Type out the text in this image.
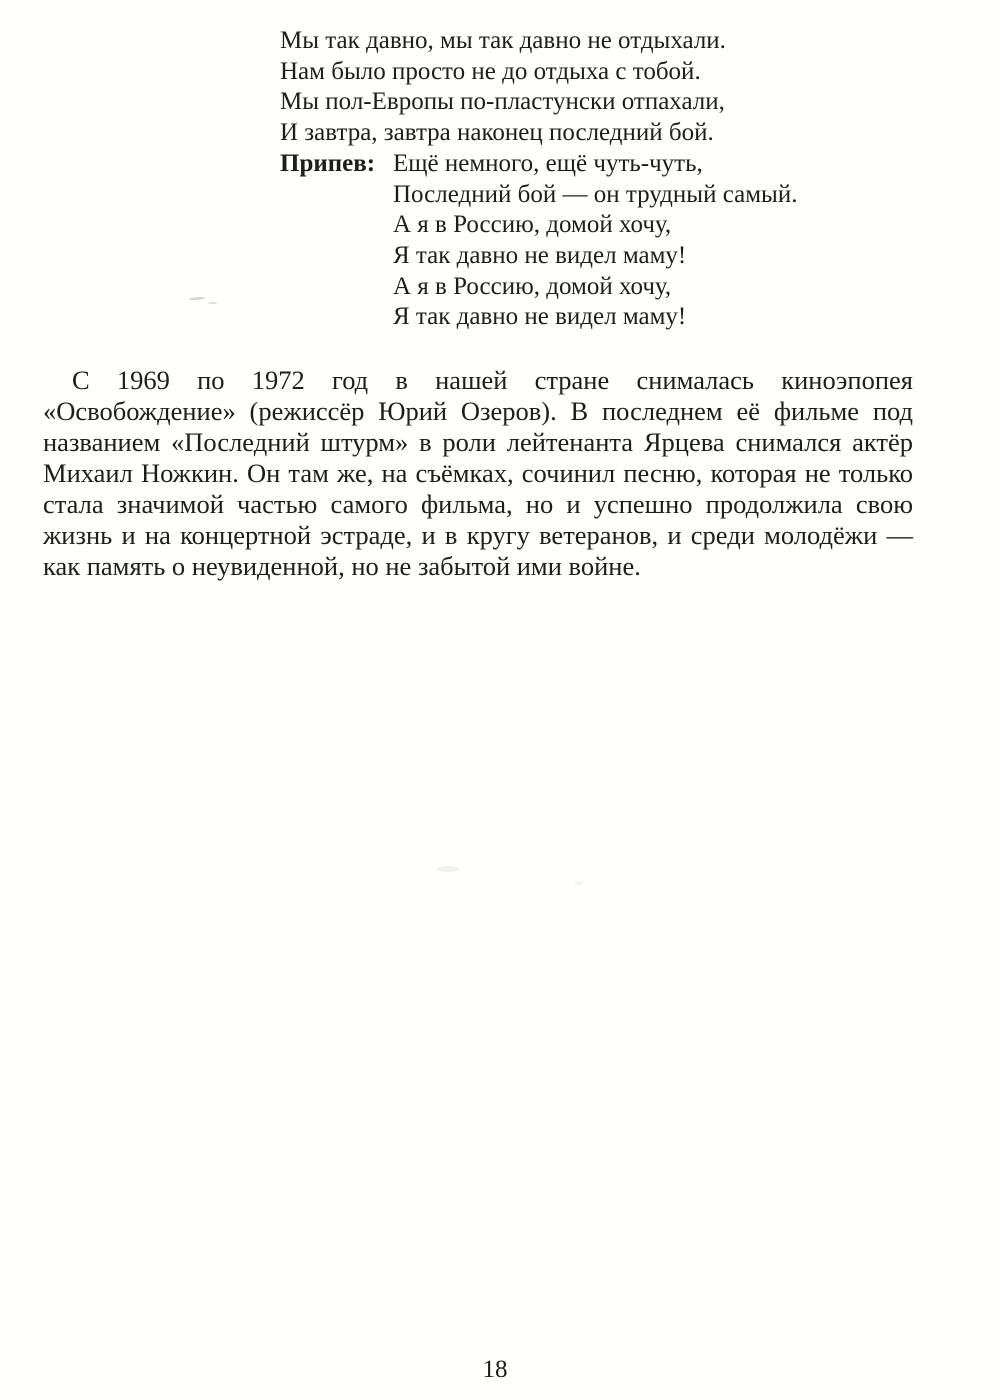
Мы так давно, мы так давно не отдыхали.
Нам было просто не до отдыха с тобой.
Мы пол-Европы по-пластунски отпахали,
И завтра, завтра наконец последний бой.
Припев: Ещё немного, ещё чуть-чуть,
Последний бой — он трудный самый.
А я в Россию, домой хочу,
Я так давно не видел маму!
А я в Россию, домой хочу,
Я так давно не видел маму!

С 1969 по 1972 год в нашей стране снималась киноэпопея «Освобождение» (режиссёр Юрий Озеров). В последнем её фильме под названием «Последний штурм» в роли лейтенанта Ярцева снимался актёр Михаил Ножкин. Он там же, на съёмках, сочинил песню, которая не только стала значимой частью самого фильма, но и успешно продолжила свою жизнь и на концертной эстраде, и в кругу ветеранов, и среди молодёжи — как память о неувиденной, но не забытой ими войне.

18
